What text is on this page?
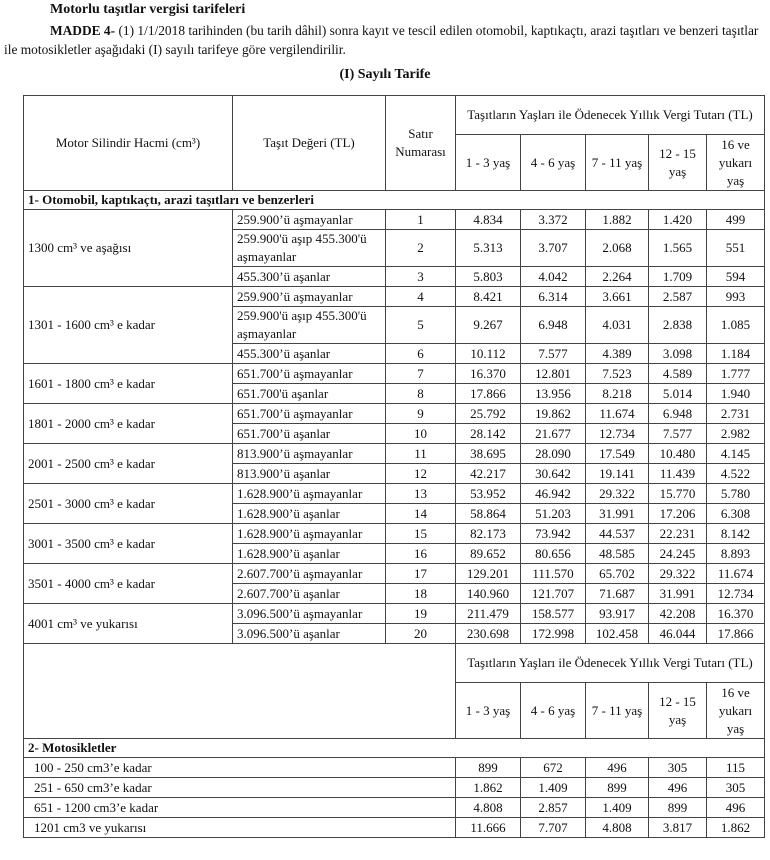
Motorlu taşıtlar vergisi tarifeleri
MADDE 4- (1) 1/1/2018 tarihinden (bu tarih dâhil) sonra kayıt ve tescil edilen otomobil, kaptıkaçtı, arazi taşıtları ve benzeri taşıtlar ile motosikletler aşağıdaki (I) sayılı tarifeye göre vergilendirilir.
(I) Sayılı Tarife
Motor Silindir Hacmi (cm³)	Taşıt Değeri (TL)	Satır Numarası	Taşıtların Yaşları ile Ödenecek Yıllık Vergi Tutarı (TL)				
			1 - 3 yaş	4 - 6 yaş	7 - 11 yaş	12 - 15 yaş	16 ve yukarı yaş
1- Otomobil, kaptıkaçtı, arazi taşıtları ve benzerleri							
1300 cm³ ve aşağısı	259.900’ü aşmayanlar	1	4.834	3.372	1.882	1.420	499
	259.900'ü aşıp 455.300'ü aşmayanlar	2	5.313	3.707	2.068	1.565	551
	455.300’ü aşanlar	3	5.803	4.042	2.264	1.709	594
1301 - 1600 cm³ e kadar	259.900’ü aşmayanlar	4	8.421	6.314	3.661	2.587	993
	259.900'ü aşıp 455.300'ü aşmayanlar	5	9.267	6.948	4.031	2.838	1.085
	455.300’ü aşanlar	6	10.112	7.577	4.389	3.098	1.184
1601 - 1800 cm³ e kadar	651.700’ü aşmayanlar	7	16.370	12.801	7.523	4.589	1.777
	651.700'ü aşanlar	8	17.866	13.956	8.218	5.014	1.940
1801 - 2000 cm³ e kadar	651.700’ü aşmayanlar	9	25.792	19.862	11.674	6.948	2.731
	651.700’ü aşanlar	10	28.142	21.677	12.734	7.577	2.982
2001 - 2500 cm³ e kadar	813.900’ü aşmayanlar	11	38.695	28.090	17.549	10.480	4.145
	813.900’ü aşanlar	12	42.217	30.642	19.141	11.439	4.522
2501 - 3000 cm³ e kadar	1.628.900’ü aşmayanlar	13	53.952	46.942	29.322	15.770	5.780
	1.628.900’ü aşanlar	14	58.864	51.203	31.991	17.206	6.308
3001 - 3500 cm³ e kadar	1.628.900’ü aşmayanlar	15	82.173	73.942	44.537	22.231	8.142
	1.628.900’ü aşanlar	16	89.652	80.656	48.585	24.245	8.893
3501 - 4000 cm³ e kadar	2.607.700’ü aşmayanlar	17	129.201	111.570	65.702	29.322	11.674
	2.607.700’ü aşanlar	18	140.960	121.707	71.687	31.991	12.734
4001 cm³ ve yukarısı	3.096.500’ü aşmayanlar	19	211.479	158.577	93.917	42.208	16.370
	3.096.500’ü aşanlar	20	230.698	172.998	102.458	46.044	17.866
			Taşıtların Yaşları ile Ödenecek Yıllık Vergi Tutarı (TL)				
			1 - 3 yaş	4 - 6 yaş	7 - 11 yaş	12 - 15 yaş	16 ve yukarı yaş
2- Motosikletler							
100 - 250 cm3’e kadar			899	672	496	305	115
251 - 650 cm3’e kadar			1.862	1.409	899	496	305
651 - 1200 cm3’e kadar			4.808	2.857	1.409	899	496
1201 cm3 ve yukarısı			11.666	7.707	4.808	3.817	1.862
